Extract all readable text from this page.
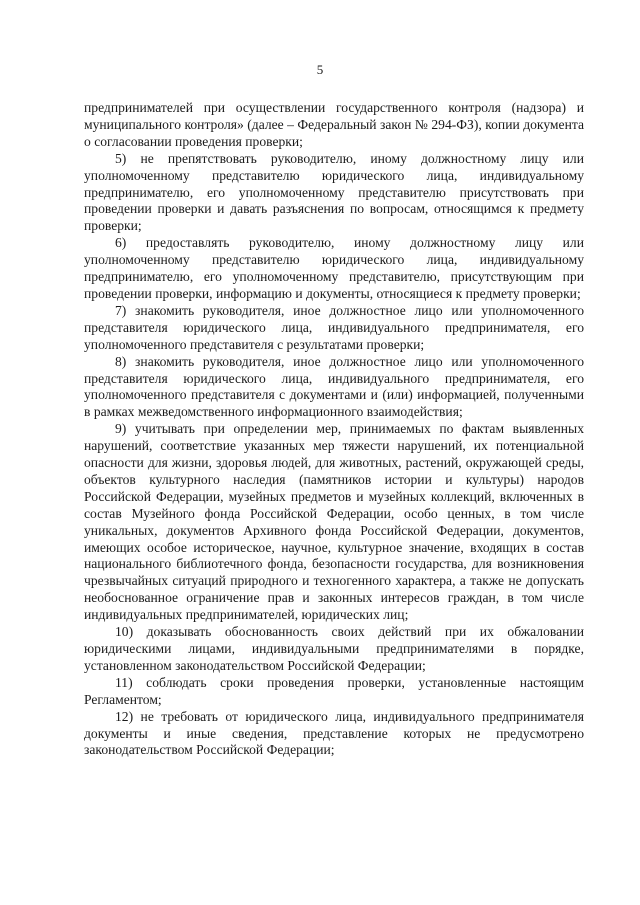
5

предпринимателей при осуществлении государственного контроля (надзора) и муниципального контроля» (далее – Федеральный закон № 294-ФЗ), копии документа о согласовании проведения проверки;

5) не препятствовать руководителю, иному должностному лицу или уполномоченному представителю юридического лица, индивидуальному предпринимателю, его уполномоченному представителю присутствовать при проведении проверки и давать разъяснения по вопросам, относящимся к предмету проверки;

6) предоставлять руководителю, иному должностному лицу или уполномоченному представителю юридического лица, индивидуальному предпринимателю, его уполномоченному представителю, присутствующим при проведении проверки, информацию и документы, относящиеся к предмету проверки;

7) знакомить руководителя, иное должностное лицо или уполномоченного представителя юридического лица, индивидуального предпринимателя, его уполномоченного представителя с результатами проверки;

8) знакомить руководителя, иное должностное лицо или уполномоченного представителя юридического лица, индивидуального предпринимателя, его уполномоченного представителя с документами и (или) информацией, полученными в рамках межведомственного информационного взаимодействия;

9) учитывать при определении мер, принимаемых по фактам выявленных нарушений, соответствие указанных мер тяжести нарушений, их потенциальной опасности для жизни, здоровья людей, для животных, растений, окружающей среды, объектов культурного наследия (памятников истории и культуры) народов Российской Федерации, музейных предметов и музейных коллекций, включенных в состав Музейного фонда Российской Федерации, особо ценных, в том числе уникальных, документов Архивного фонда Российской Федерации, документов, имеющих особое историческое, научное, культурное значение, входящих в состав национального библиотечного фонда, безопасности государства, для возникновения чрезвычайных ситуаций природного и техногенного характера, а также не допускать необоснованное ограничение прав и законных интересов граждан, в том числе индивидуальных предпринимателей, юридических лиц;

10) доказывать обоснованность своих действий при их обжаловании юридическими лицами, индивидуальными предпринимателями в порядке, установленном законодательством Российской Федерации;

11) соблюдать сроки проведения проверки, установленные настоящим Регламентом;

12) не требовать от юридического лица, индивидуального предпринимателя документы и иные сведения, представление которых не предусмотрено законодательством Российской Федерации;
